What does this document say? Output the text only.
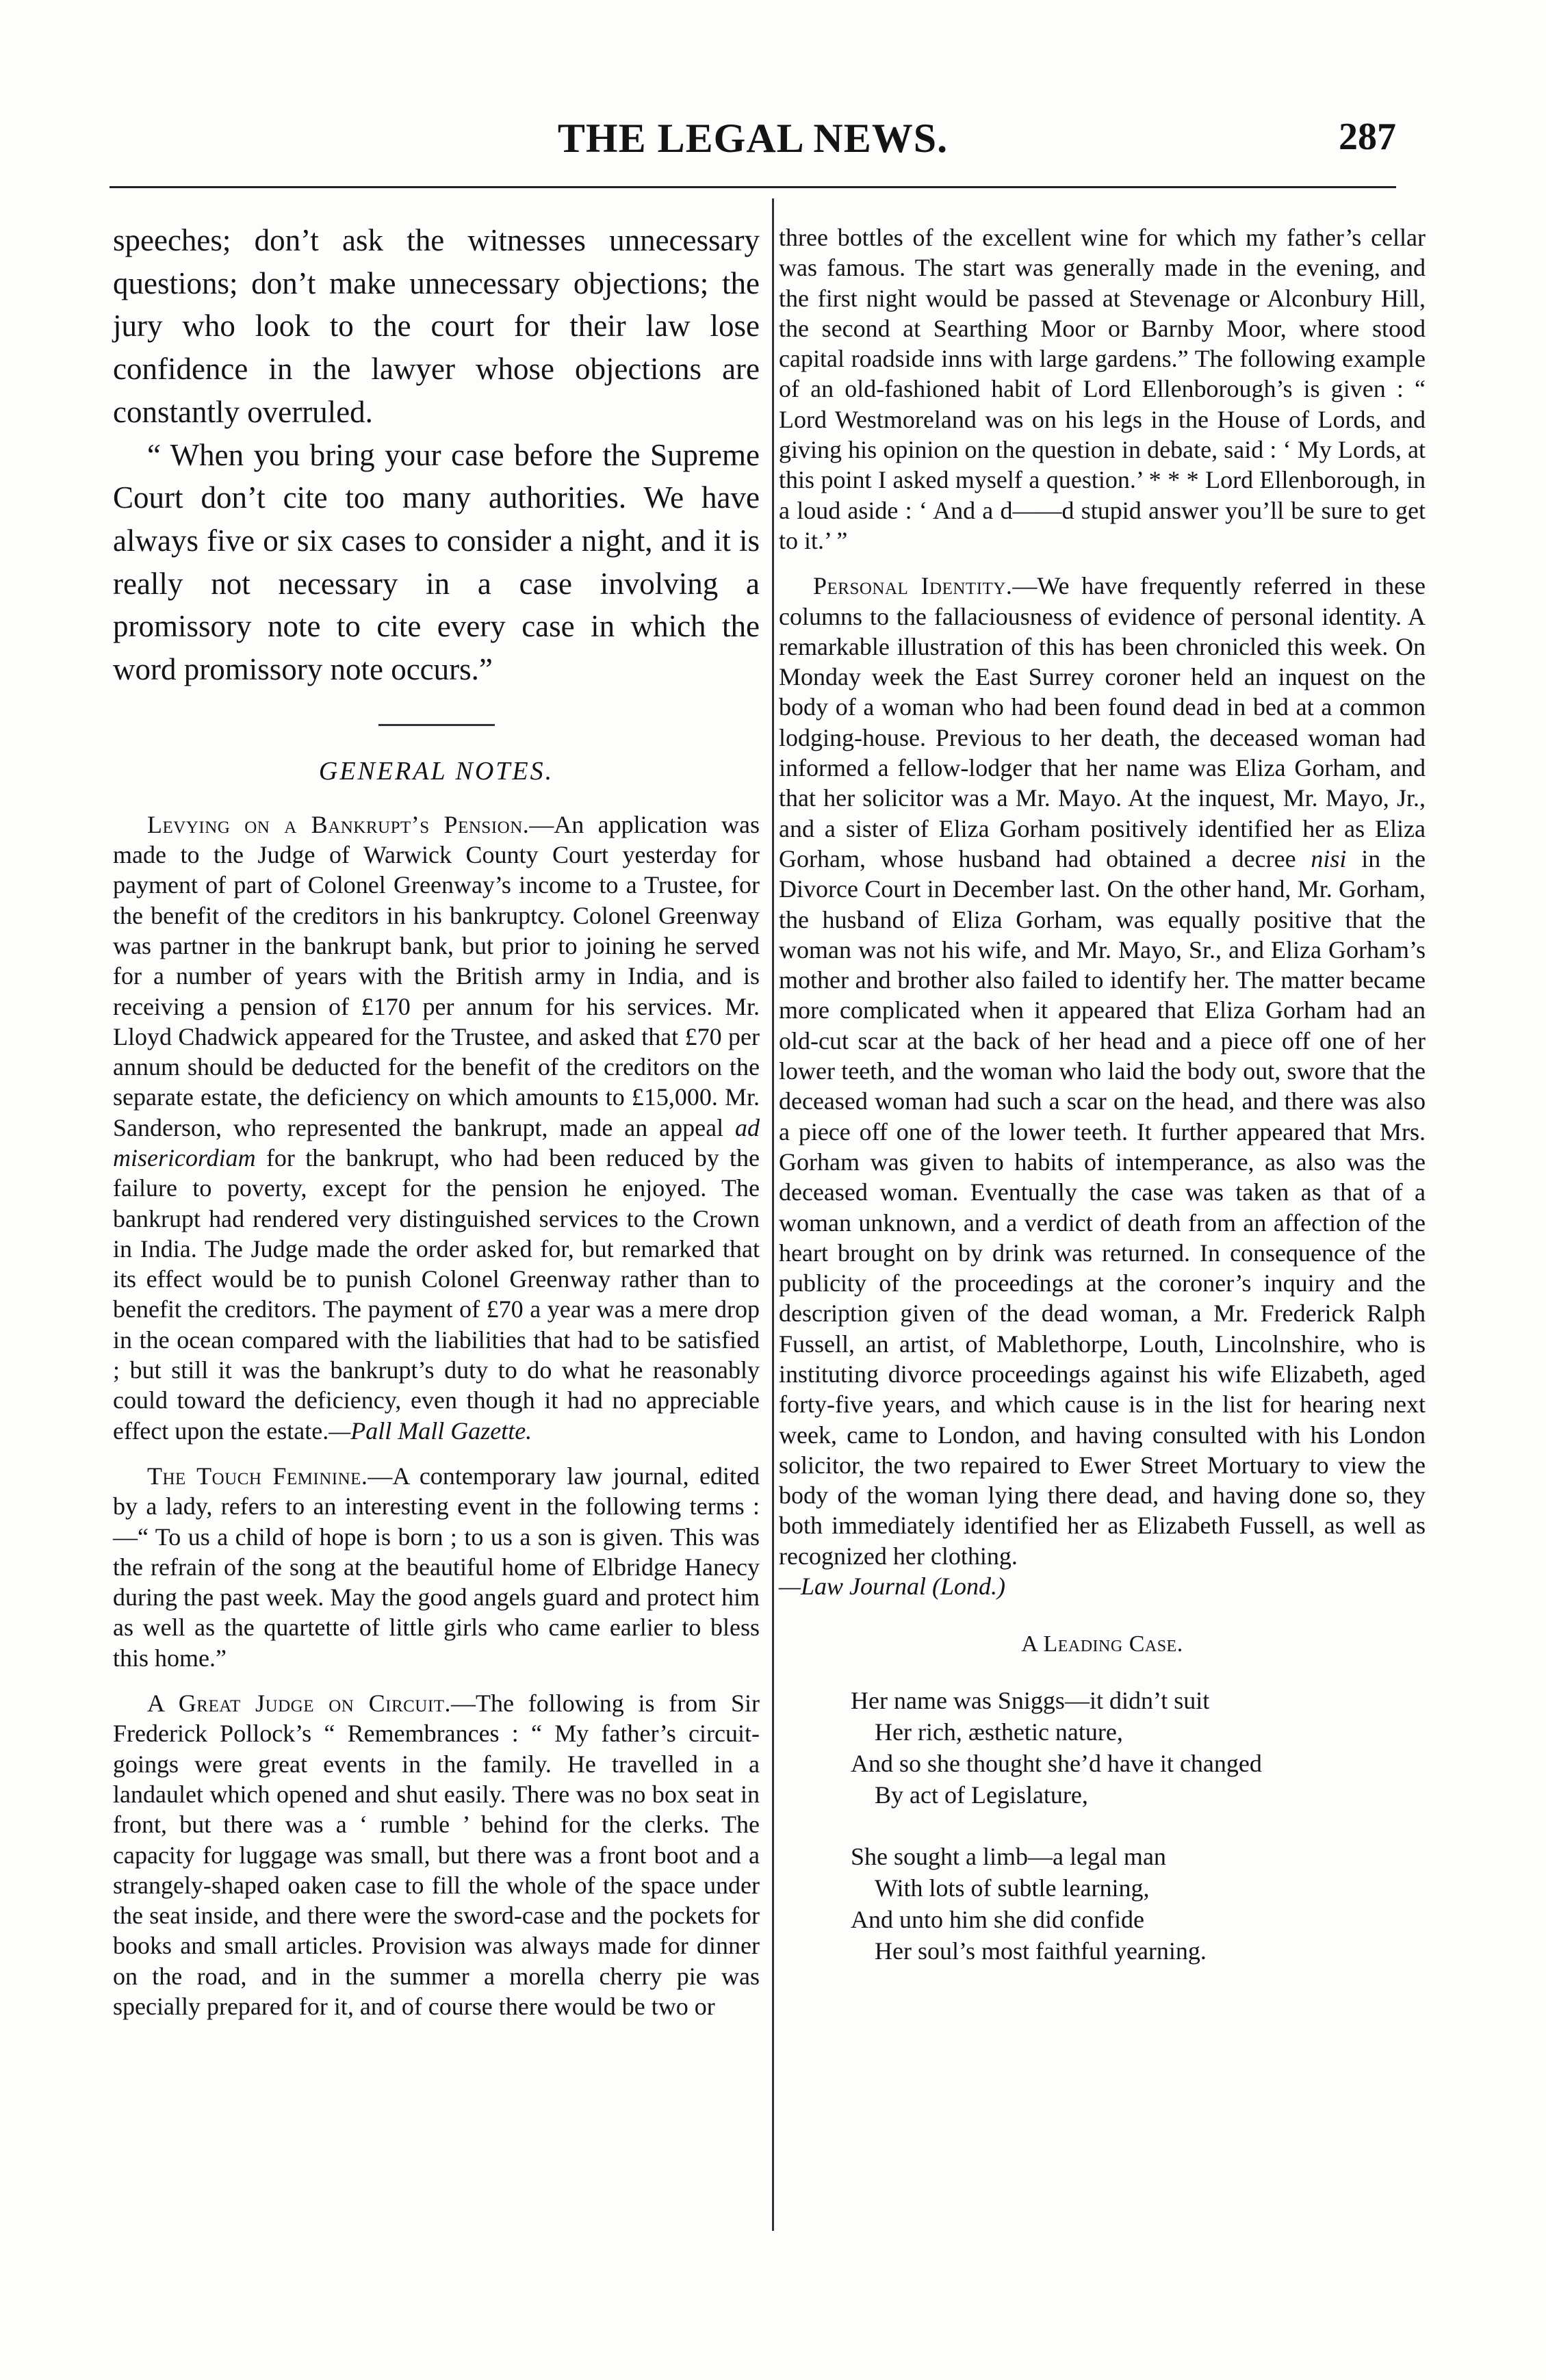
THE LEGAL NEWS.	287

speeches; don’t ask the witnesses unnecessary questions; don’t make unnecessary objections; the jury who look to the court for their law lose confidence in the lawyer whose objections are constantly overruled.

“ When you bring your case before the Supreme Court don’t cite too many authorities. We have always five or six cases to consider a night, and it is really not necessary in a case involving a promissory note to cite every case in which the word promissory note occurs.”

GENERAL NOTES.

Levying on a Bankrupt’s Pension.—An application was made to the Judge of Warwick County Court yesterday for payment of part of Colonel Greenway’s income to a Trustee, for the benefit of the creditors in his bankruptcy. Colonel Greenway was partner in the bankrupt bank, but prior to joining he served for a number of years with the British army in India, and is receiving a pension of £170 per annum for his services. Mr. Lloyd Chadwick appeared for the Trustee, and asked that £70 per annum should be deducted for the benefit of the creditors on the separate estate, the deficiency on which amounts to £15,000. Mr. Sanderson, who represented the bankrupt, made an appeal ad misericordiam for the bankrupt, who had been reduced by the failure to poverty, except for the pension he enjoyed. The bankrupt had rendered very distinguished services to the Crown in India. The Judge made the order asked for, but remarked that its effect would be to punish Colonel Greenway rather than to benefit the creditors. The payment of £70 a year was a mere drop in the ocean compared with the liabilities that had to be satisfied ; but still it was the bankrupt’s duty to do what he reasonably could toward the deficiency, even though it had no appreciable effect upon the estate.—Pall Mall Gazette.

The Touch Feminine.—A contemporary law journal, edited by a lady, refers to an interesting event in the following terms :—“ To us a child of hope is born ; to us a son is given. This was the refrain of the song at the beautiful home of Elbridge Hanecy during the past week. May the good angels guard and protect him as well as the quartette of little girls who came earlier to bless this home.”

A Great Judge on Circuit.—The following is from Sir Frederick Pollock’s “ Remembrances : “ My father’s circuit-goings were great events in the family. He travelled in a landaulet which opened and shut easily. There was no box seat in front, but there was a ‘ rumble ’ behind for the clerks. The capacity for luggage was small, but there was a front boot and a strangely-shaped oaken case to fill the whole of the space under the seat inside, and there were the sword-case and the pockets for books and small articles. Provision was always made for dinner on the road, and in the summer a morella cherry pie was specially prepared for it, and of course there would be two or

three bottles of the excellent wine for which my father’s cellar was famous. The start was generally made in the evening, and the first night would be passed at Stevenage or Alconbury Hill, the second at Searthing Moor or Barnby Moor, where stood capital roadside inns with large gardens.” The following example of an old-fashioned habit of Lord Ellenborough’s is given : “ Lord Westmoreland was on his legs in the House of Lords, and giving his opinion on the question in debate, said : ‘ My Lords, at this point I asked myself a question.’ * * * Lord Ellenborough, in a loud aside : ‘ And a d——d stupid answer you’ll be sure to get to it.’ ”

Personal Identity.—We have frequently referred in these columns to the fallaciousness of evidence of personal identity. A remarkable illustration of this has been chronicled this week. On Monday week the East Surrey coroner held an inquest on the body of a woman who had been found dead in bed at a common lodging-house. Previous to her death, the deceased woman had informed a fellow-lodger that her name was Eliza Gorham, and that her solicitor was a Mr. Mayo. At the inquest, Mr. Mayo, Jr., and a sister of Eliza Gorham positively identified her as Eliza Gorham, whose husband had obtained a decree nisi in the Divorce Court in December last. On the other hand, Mr. Gorham, the husband of Eliza Gorham, was equally positive that the woman was not his wife, and Mr. Mayo, Sr., and Eliza Gorham’s mother and brother also failed to identify her. The matter became more complicated when it appeared that Eliza Gorham had an old-cut scar at the back of her head and a piece off one of her lower teeth, and the woman who laid the body out, swore that the deceased woman had such a scar on the head, and there was also a piece off one of the lower teeth. It further appeared that Mrs. Gorham was given to habits of intemperance, as also was the deceased woman. Eventually the case was taken as that of a woman unknown, and a verdict of death from an affection of the heart brought on by drink was returned. In consequence of the publicity of the proceedings at the coroner’s inquiry and the description given of the dead woman, a Mr. Frederick Ralph Fussell, an artist, of Mablethorpe, Louth, Lincolnshire, who is instituting divorce proceedings against his wife Elizabeth, aged forty-five years, and which cause is in the list for hearing next week, came to London, and having consulted with his London solicitor, the two repaired to Ewer Street Mortuary to view the body of the woman lying there dead, and having done so, they both immediately identified her as Elizabeth Fussell, as well as recognized her clothing.
—Law Journal (Lond.)

A Leading Case.
Her name was Sniggs—it didn’t suit
Her rich, æsthetic nature,
And so she thought she’d have it changed
By act of Legislature,
She sought a limb—a legal man
With lots of subtle learning,
And unto him she did confide
Her soul’s most faithful yearning.
